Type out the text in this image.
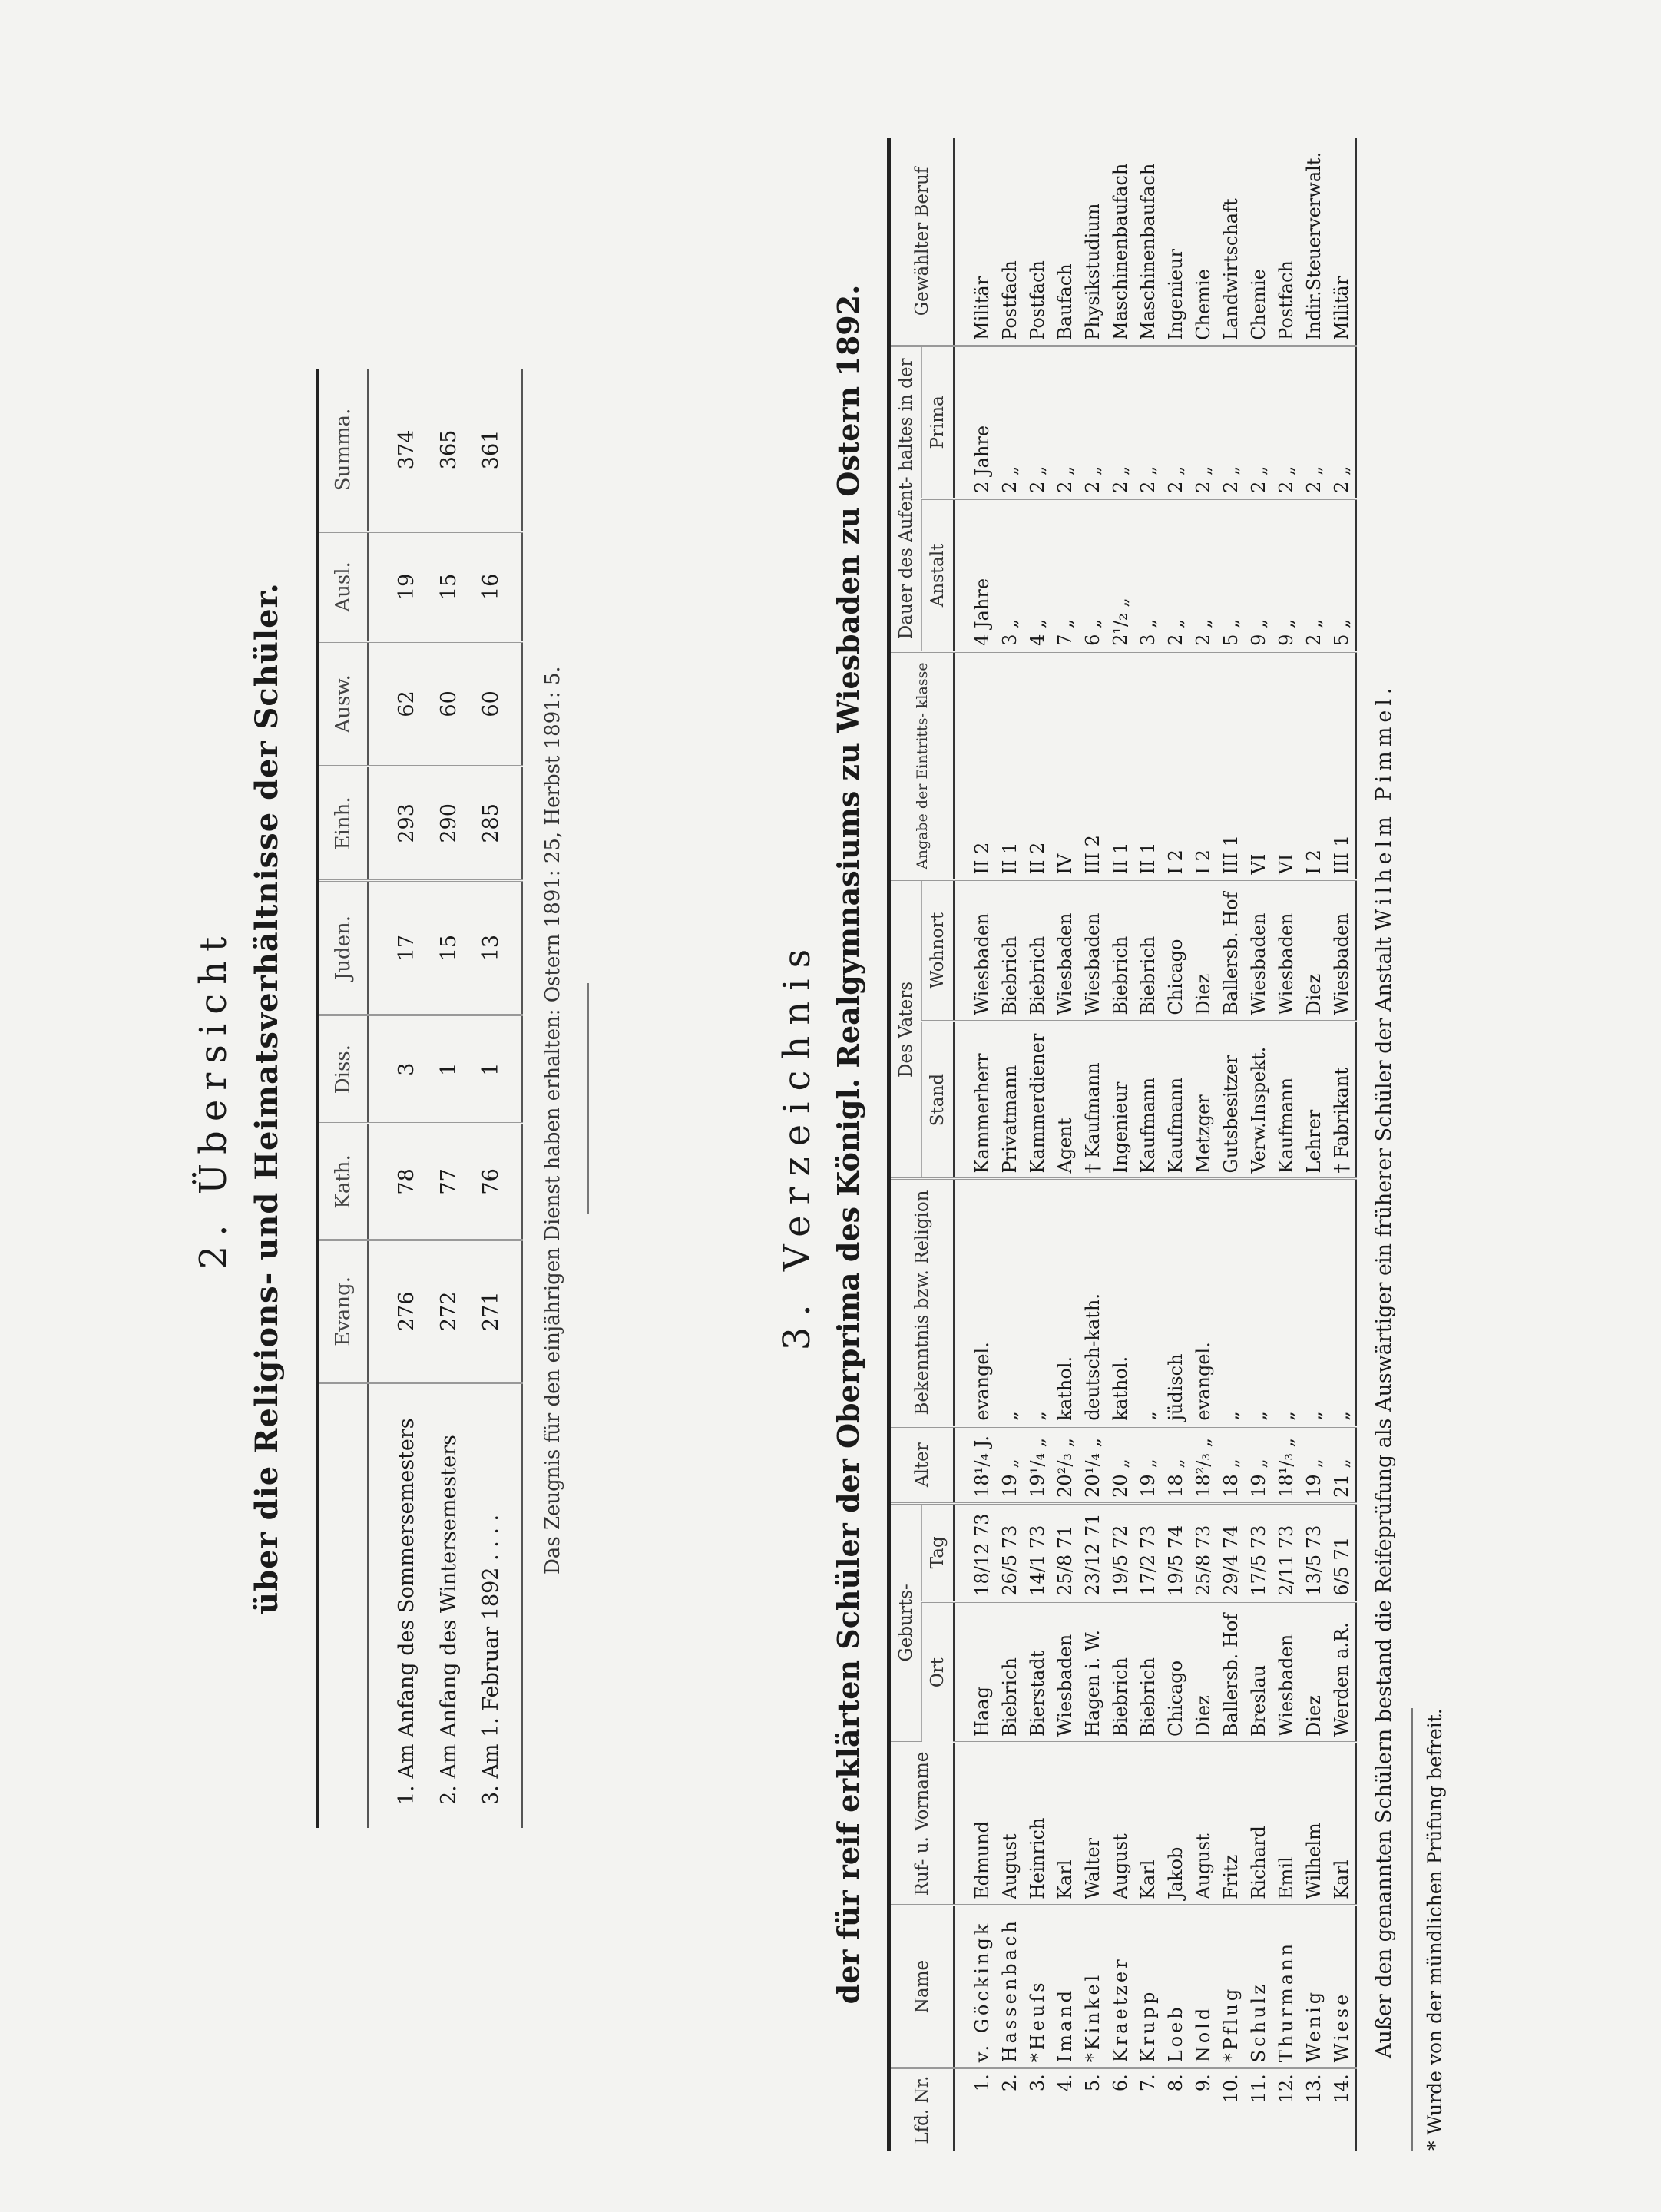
2. Übersicht über die Religions- und Heimatsverhältnisse der Schüler.
	Evang.	Kath.	Diss.	Juden.	Einh.	Ausw.	Ausl.	Summa.
1. Am Anfang des Sommersemesters	276	78	3	17	293	62	19	374
2. Am Anfang des Wintersemesters	272	77	1	15	290	60	15	365
3. Am 1. Februar 1892 . . . .	271	76	1	13	285	60	16	361
Das Zeugnis für den einjährigen Dienst haben erhalten: Ostern 1891: 25, Herbst 1891: 5.	3. Verzeichnis der für reif erklärten Schüler der Oberprima des Königl. Realgymnasiums zu Wiesbaden zu Ostern 1892.
Lfd. Nr.	Name	Ruf- u. Vorname	Geburts-		Alter	Bekenntnis bzw. Religion	Des Vaters		Angabe der Eintritts- klasse	Dauer des Aufent- haltes in der		Gewählter Beruf
			Ort	Tag			Stand	Wohnort		Anstalt	Prima	
1.	v. Göckingk	Edmund	Haag	18/12 73	18¹/₄ J.	evangel.	Kammerherr	Wiesbaden	II 2	4 Jahre	2 Jahre	Militär
2.	Hassenbach	August	Biebrich	26/5 73	19 „	„	Privatmann	Biebrich	II 1	3 „	2 „	Postfach
3.	*Heuſs	Heinrich	Bierstadt	14/1 73	19¹/₄ „	„	Kammerdiener	Biebrich	II 2	4 „	2 „	Postfach
4.	Imand	Karl	Wiesbaden	25/8 71	20²/₃ „	kathol.	Agent	Wiesbaden	IV	7 „	2 „	Baufach
5.	*Kinkel	Walter	Hagen i. W.	23/12 71	20¹/₄ „	deutsch-kath.	† Kaufmann	Wiesbaden	III 2	6 „	2 „	Physikstudium
6.	Kraetzer	August	Biebrich	19/5 72	20 „	kathol.	Ingenieur	Biebrich	II 1	2¹/₂ „	2 „	Maschinenbaufach
7.	Krupp	Karl	Biebrich	17/2 73	19 „	„	Kaufmann	Biebrich	II 1	3 „	2 „	Maschinenbaufach
8.	Loeb	Jakob	Chicago	19/5 74	18 „	jüdisch	Kaufmann	Chicago	I 2	2 „	2 „	Ingenieur
9.	Nold	August	Diez	25/8 73	18²/₃ „	evangel.	Metzger	Diez	I 2	2 „	2 „	Chemie
10.	*Pflug	Fritz	Ballersb. Hof	29/4 74	18 „	„	Gutsbesitzer	Ballersb. Hof	III 1	5 „	2 „	Landwirtschaft
11.	Schulz	Richard	Breslau	17/5 73	19 „	„	Verw.Inspekt.	Wiesbaden	VI	9 „	2 „	Chemie
12.	Thurmann	Emil	Wiesbaden	2/11 73	18¹/₃ „	„	Kaufmann	Wiesbaden	VI	9 „	2 „	Postfach
13.	Wenig	Wilhelm	Diez	13/5 73	19 „	„	Lehrer	Diez	I 2	2 „	2 „	Indir.Steuerverwalt.
14.	Wiese	Karl	Werden a.R.	6/5 71	21 „	„	† Fabrikant	Wiesbaden	III 1	5 „	2 „	Militär
Außer den genannten Schülern bestand die Reifeprüfung als Auswärtiger ein früherer Schüler der Anstalt Wilhelm Pimmel.
* Wurde von der mündlichen Prüfung befreit.
